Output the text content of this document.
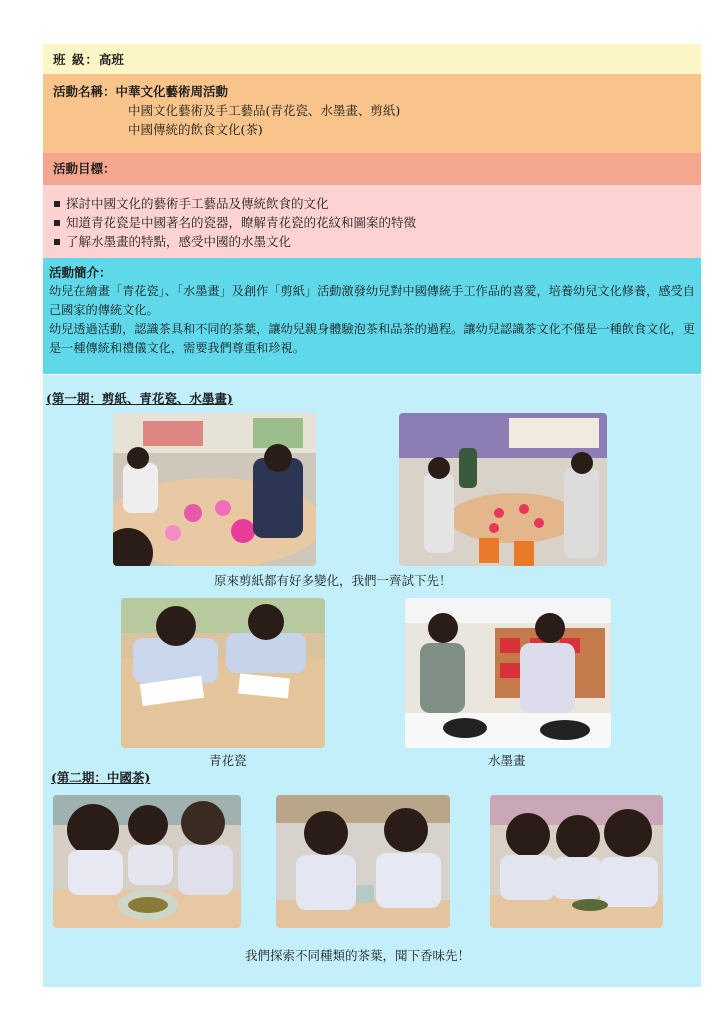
班 級：高班
活動名稱：中華文化藝術周活動
中國文化藝術及手工藝品(青花瓷、水墨畫、剪紙)
中國傳統的飲食文化(茶)
活動目標：
探討中國文化的藝術手工藝品及傳統飲食的文化
知道青花瓷是中國著名的瓷器，瞭解青花瓷的花紋和圖案的特徵
了解水墨畫的特點，感受中國的水墨文化
活動簡介：

幼兒在繪畫「青花瓷」、「水墨畫」及創作「剪紙」活動激發幼兒對中國傳統手工作品的喜愛，培養幼兒文化修養，感受自己國家的傳統文化。

幼兒透過活動，認識茶具和不同的茶葉，讓幼兒親身體驗泡茶和品茶的過程。讓幼兒認識茶文化不僅是一種飲食文化，更是一種傳統和禮儀文化，需要我們尊重和珍視。

(第一期：剪紙、青花瓷、水墨畫)
原來剪紙都有好多變化，我們一齊試下先！
青花瓷	水墨畫
(第二期：中國茶)
我們探索不同種類的茶葉，聞下香味先！
